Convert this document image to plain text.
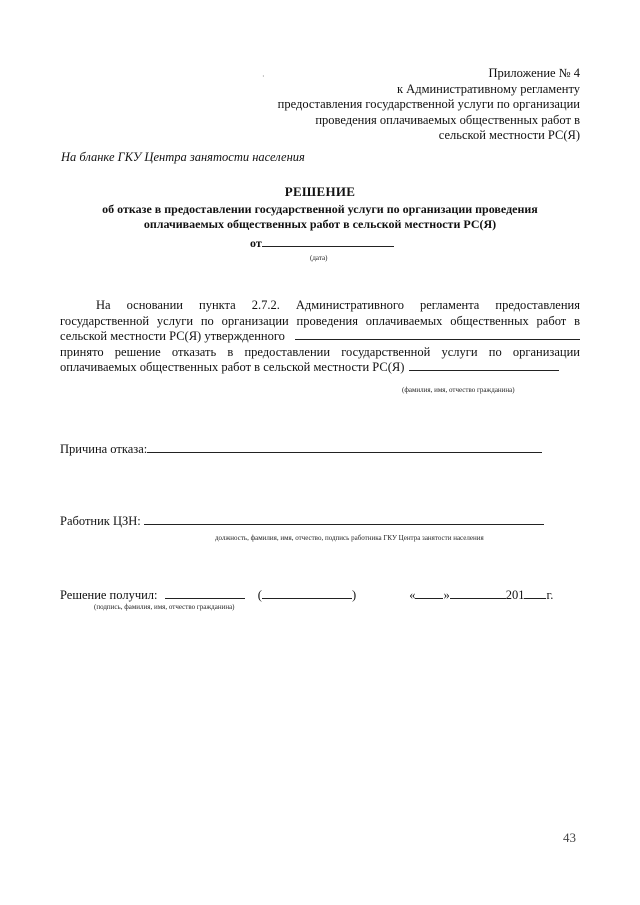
·	Приложение № 4
к Административному регламенту
предоставления государственной услуги по организации
проведения оплачиваемых общественных работ в
сельской местности РС(Я)
На бланке ГКУ Центра занятости населения
РЕШЕНИЕ
об отказе в предоставлении государственной услуги по организации проведения
оплачиваемых общественных работ в сельской местности РС(Я)
от
(дата)

На основании пункта 2.7.2. Административного регламента предоставления

государственной услуги по организации проведения оплачиваемых общественных работ в

сельской местности РС(Я) утвержденного

принято решение отказать в предоставлении государственной услуги по организации

оплачиваемых общественных работ в сельской местности РС(Я)

(фамилия, имя, отчество гражданина)
Причина отказа:
Работник ЦЗН:
должность, фамилия, имя, отчество, подпись работника ГКУ Центра занятости населения
Решение получил:	(	)	« »	201 г.
(подпись, фамилия, имя, отчество гражданина)
43
